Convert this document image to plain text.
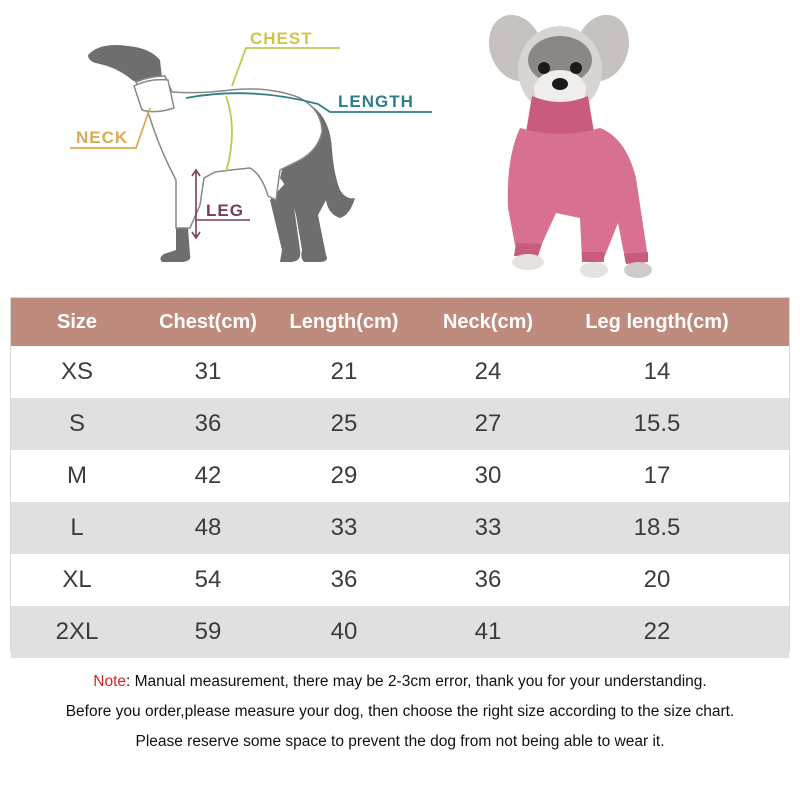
CHEST
LENGTH
NECK
LEG
Size	Chest(cm)	Length(cm)	Neck(cm)	Leg length(cm)
XS	31	21	24	14
S	36	25	27	15.5
M	42	29	30	17
L	48	33	33	18.5
XL	54	36	36	20
2XL	59	40	41	22
Note: Manual measurement, there may be 2-3cm error, thank you for your understanding.
Before you order,please measure your dog, then choose the right size according to the size chart.
Please reserve some space to prevent the dog from not being able to wear it.
